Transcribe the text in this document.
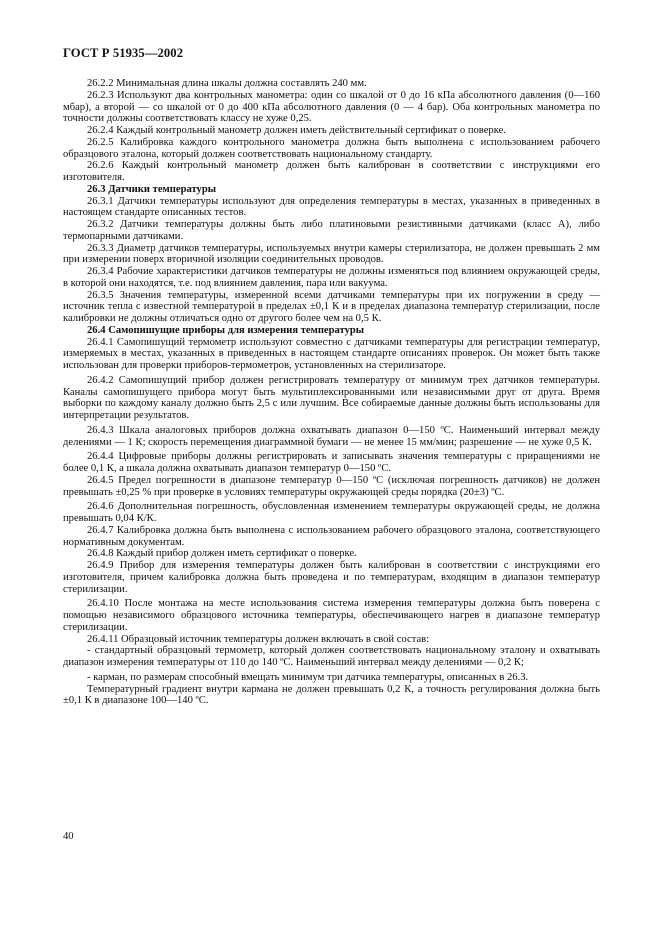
ГОСТ Р 51935—2002

26.2.2 Минимальная длина шкалы должна составлять 240 мм.

26.2.3 Используют два контрольных манометра: один со шкалой от 0 до 16 кПа абсолютного давления (0—160 мбар), а второй — со шкалой от 0 до 400 кПа абсолютного давления (0 — 4 бар). Оба контрольных манометра по точности должны соответствовать классу не хуже 0,25.

26.2.4 Каждый контрольный манометр должен иметь действительный сертификат о поверке.

26.2.5 Калибровка каждого контрольного манометра должна быть выполнена с использованием рабочего образцового эталона, который должен соответствовать национальному стандарту.

26.2.6 Каждый контрольный манометр должен быть калиброван в соответствии с инструкциями его изготовителя.

26.3 Датчики температуры

26.3.1 Датчики температуры используют для определения температуры в местах, указанных в приведенных в настоящем стандарте описанных тестов.

26.3.2 Датчики температуры должны быть либо платиновыми резистивными датчиками (класс А), либо термопарными датчиками.

26.3.3 Диаметр датчиков температуры, используемых внутри камеры стерилизатора, не должен превышать 2 мм при измерении поверх вторичной изоляции соединительных проводов.

26.3.4 Рабочие характеристики датчиков температуры не должны изменяться под влиянием окружающей среды, в которой они находятся, т.е. под влиянием давления, пара или вакуума.

26.3.5 Значения температуры, измеренной всеми датчиками температуры при их погружении в среду — источник тепла с известной температурой в пределах ±0,1 К и в пределах диапазона температур стерилизации, после калибровки не должны отличаться одно от другого более чем на 0,5 К.

26.4 Самопишущие приборы для измерения температуры

26.4.1 Самопишущий термометр используют совместно с датчиками температуры для регистрации температур, измеряемых в местах, указанных в приведенных в настоящем стандарте описаниях проверок. Он может быть также использован для проверки приборов-термометров, установленных на стерилизаторе.

26.4.2 Самопишущий прибор должен регистрировать температуру от минимум трех датчиков температуры. Каналы самопишущего прибора могут быть мультиплексированными или независимыми друг от друга. Время выборки по каждому каналу должно быть 2,5 с или лучшим. Все собираемые данные должны быть использованы для интерпретации результатов.

26.4.3 Шкала аналоговых приборов должна охватывать диапазон 0—150 ºС. Наименьший интервал между делениями — 1 К; скорость перемещения диаграммной бумаги — не менее 15 мм/мин; разрешение — не хуже 0,5 К.

26.4.4 Цифровые приборы должны регистрировать и записывать значения температуры с приращениями не более 0,1 К, а шкала должна охватывать диапазон температур 0—150 ºС.

26.4.5 Предел погрешности в диапазоне температур 0—150 ºС (исключая погрешность датчиков) не должен превышать ±0,25 % при проверке в условиях температуры окружающей среды порядка (20±3) ºС.

26.4.6 Дополнительная погрешность, обусловленная изменением температуры окружающей среды, не должна превышать 0,04 К/К.

26.4.7 Калибровка должна быть выполнена с использованием рабочего образцового эталона, соответствующего нормативным документам.

26.4.8 Каждый прибор должен иметь сертификат о поверке.

26.4.9 Прибор для измерения температуры должен быть калиброван в соответствии с инструкциями его изготовителя, причем калибровка должна быть проведена и по температурам, входящим в диапазон температур стерилизации.

26.4.10 После монтажа на месте использования система измерения температуры должна быть поверена с помощью независимого образцового источника температуры, обеспечивающего нагрев в диапазоне температур стерилизации.

26.4.11 Образцовый источник температуры должен включать в свой состав:

- стандартный образцовый термометр, который должен соответствовать национальному эталону и охватывать диапазон измерения температуры от 110 до 140 ºС. Наименьший интервал между делениями — 0,2 К;

- карман, по размерам способный вмещать минимум три датчика температуры, описанных в 26.3.

Температурный градиент внутри кармана не должен превышать 0,2 К, а точность регулирования должна быть ±0,1 К в диапазоне 100—140 ºС.

40
